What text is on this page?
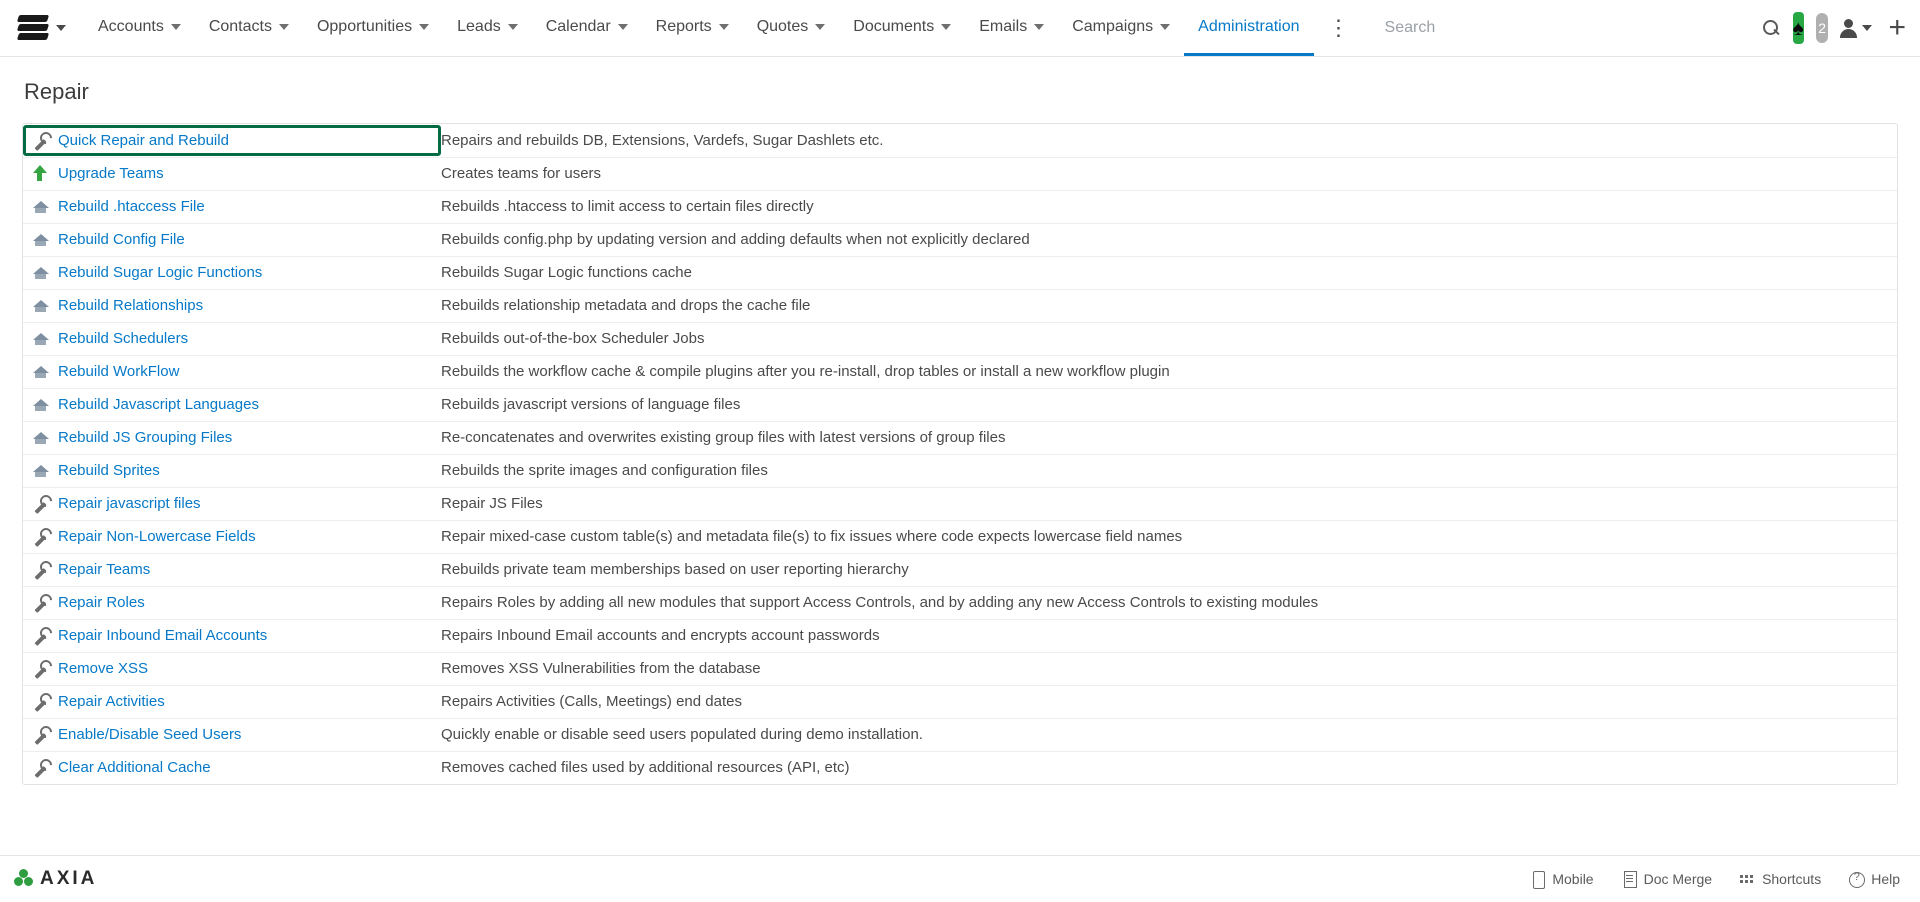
Accounts	Contacts	Opportunities	Leads	Calendar	Reports	Quotes	Documents	Emails	Campaigns	Administration	⋮
Search	♠ 2 +
Repair
Quick Repair and Rebuild	Repairs and rebuilds DB, Extensions, Vardefs, Sugar Dashlets etc.

Upgrade Teams	Creates teams for users

Rebuild .htaccess File	Rebuilds .htaccess to limit access to certain files directly

Rebuild Config File	Rebuilds config.php by updating version and adding defaults when not explicitly declared

Rebuild Sugar Logic Functions	Rebuilds Sugar Logic functions cache

Rebuild Relationships	Rebuilds relationship metadata and drops the cache file

Rebuild Schedulers	Rebuilds out-of-the-box Scheduler Jobs

Rebuild WorkFlow	Rebuilds the workflow cache & compile plugins after you re-install, drop tables or install a new workflow plugin

Rebuild Javascript Languages	Rebuilds javascript versions of language files

Rebuild JS Grouping Files	Re-concatenates and overwrites existing group files with latest versions of group files

Rebuild Sprites	Rebuilds the sprite images and configuration files

Repair javascript files	Repair JS Files

Repair Non-Lowercase Fields	Repair mixed-case custom table(s) and metadata file(s) to fix issues where code expects lowercase field names

Repair Teams	Rebuilds private team memberships based on user reporting hierarchy

Repair Roles	Repairs Roles by adding all new modules that support Access Controls, and by adding any new Access Controls to existing modules

Repair Inbound Email Accounts	Repairs Inbound Email accounts and encrypts account passwords

Remove XSS	Removes XSS Vulnerabilities from the database

Repair Activities	Repairs Activities (Calls, Meetings) end dates

Enable/Disable Seed Users	Quickly enable or disable seed users populated during demo installation.

Clear Additional Cache	Removes cached files used by additional resources (API, etc)
AXIA	Mobile	Doc Merge	Shortcuts ?	Help
